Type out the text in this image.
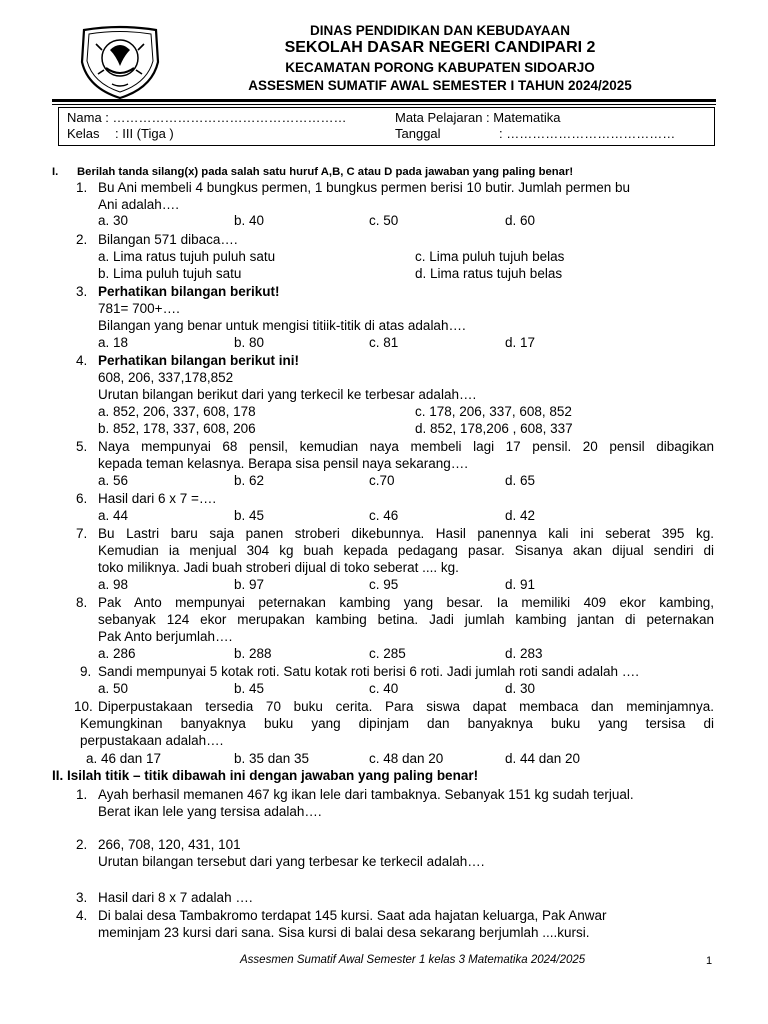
DINAS PENDIDIKAN DAN KEBUDAYAAN
SEKOLAH DASAR NEGERI CANDIPARI 2
KECAMATAN PORONG KABUPATEN SIDOARJO
ASSESMEN SUMATIF AWAL SEMESTER I TAHUN 2024/2025
Nama : ………………………………………………
Kelas : III (Tiga )
Mata Pelajaran : Matematika
Tanggal	: …………………………………
I. Berilah tanda silang(x) pada salah satu huruf A,B, C atau D pada jawaban yang paling benar!
1. Bu Ani membeli 4 bungkus permen, 1 bungkus permen berisi 10 butir. Jumlah permen bu
Ani adalah….
a. 30	b. 40	c. 50	d. 60
2. Bilangan 571 dibaca….
a. Lima ratus tujuh puluh satu	c. Lima puluh tujuh belas
b. Lima puluh tujuh satu	d. Lima ratus tujuh belas
3. Perhatikan bilangan berikut!
781= 700+….
Bilangan yang benar untuk mengisi titiik-titik di atas adalah….
a. 18	b. 80	c. 81	d. 17
4. Perhatikan bilangan berikut ini!
608, 206, 337,178,852
Urutan bilangan berikut dari yang terkecil ke terbesar adalah….
a. 852, 206, 337, 608, 178	c. 178, 206, 337, 608, 852
b. 852, 178, 337, 608, 206	d. 852, 178,206 , 608, 337
5. Naya mempunyai 68 pensil, kemudian naya membeli lagi 17 pensil. 20 pensil dibagikan
kepada teman kelasnya. Berapa sisa pensil naya sekarang….
a. 56	b. 62	c.70	d. 65
6. Hasil dari 6 x 7 =….
a. 44	b. 45	c. 46	d. 42
7. Bu Lastri baru saja panen stroberi dikebunnya. Hasil panennya kali ini seberat 395 kg.
Kemudian ia menjual 304 kg buah kepada pedagang pasar. Sisanya akan dijual sendiri di
toko miliknya. Jadi buah stroberi dijual di toko seberat .... kg.
a. 98	b. 97	c. 95	d. 91
8. Pak Anto mempunyai peternakan kambing yang besar. Ia memiliki 409 ekor kambing,
sebanyak 124 ekor merupakan kambing betina. Jadi jumlah kambing jantan di peternakan
Pak Anto berjumlah….
a. 286	b. 288	c. 285	d. 283
9. Sandi mempunyai 5 kotak roti. Satu kotak roti berisi 6 roti. Jadi jumlah roti sandi adalah ….
a. 50	b. 45	c. 40	d. 30
10. Diperpustakaan tersedia 70 buku cerita. Para siswa dapat membaca dan meminjamnya.
Kemungkinan banyaknya buku yang dipinjam dan banyaknya buku yang tersisa di
perpustakaan adalah….
a. 46 dan 17	b. 35 dan 35	c. 48 dan 20	d. 44 dan 20
II. Isilah titik – titik dibawah ini dengan jawaban yang paling benar!
1. Ayah berhasil memanen 467 kg ikan lele dari tambaknya. Sebanyak 151 kg sudah terjual.
Berat ikan lele yang tersisa adalah….
2. 266, 708, 120, 431, 101
Urutan bilangan tersebut dari yang terbesar ke terkecil adalah….
3. Hasil dari 8 x 7 adalah ….
4. Di balai desa Tambakromo terdapat 145 kursi. Saat ada hajatan keluarga, Pak Anwar
meminjam 23 kursi dari sana. Sisa kursi di balai desa sekarang berjumlah ....kursi.
Assesmen Sumatif Awal Semester 1 kelas 3 Matematika 2024/2025	1
